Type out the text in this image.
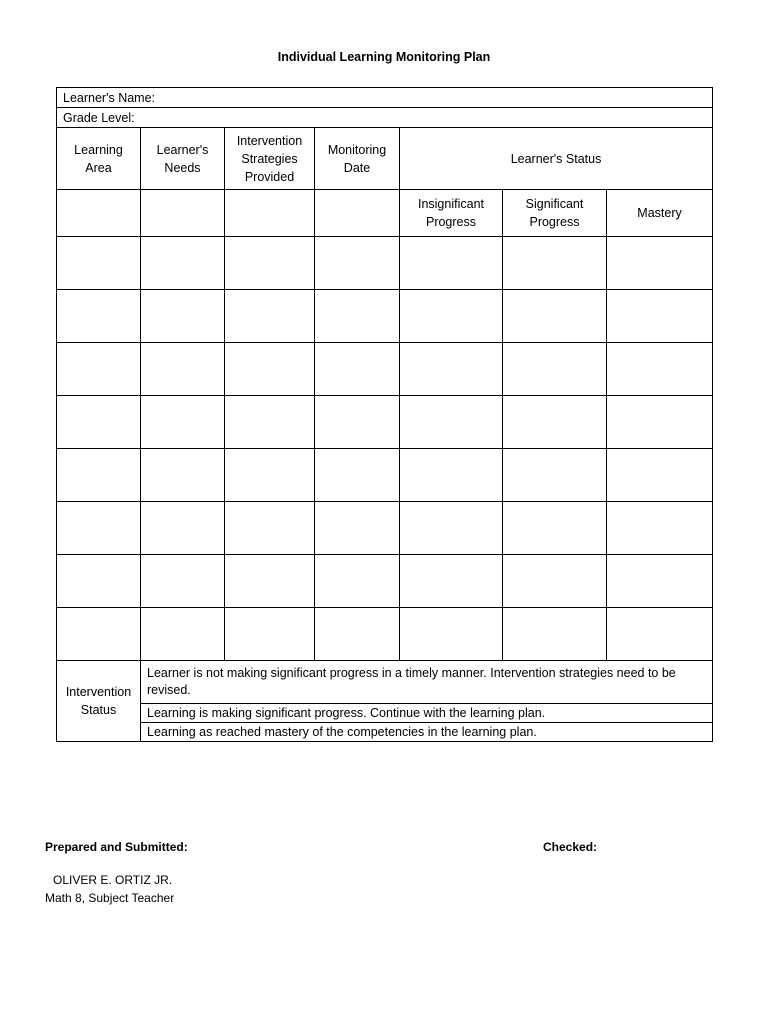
Individual Learning Monitoring Plan
Learner's Name:						
Grade Level:						

Learning Area	Learner's Needs	Intervention Strategies Provided	Monitoring Date	Learner's Status		

				Insignificant Progress	Significant Progress	Mastery

Intervention Status	Learner is not making significant progress in a timely manner. Intervention strategies need to be revised.					
	Learning is making significant progress. Continue with the learning plan.					
	Learning as reached mastery of the competencies in the learning plan.					
Prepared and Submitted:	Checked:
OLIVER E. ORTIZ JR.
Math 8, Subject Teacher
